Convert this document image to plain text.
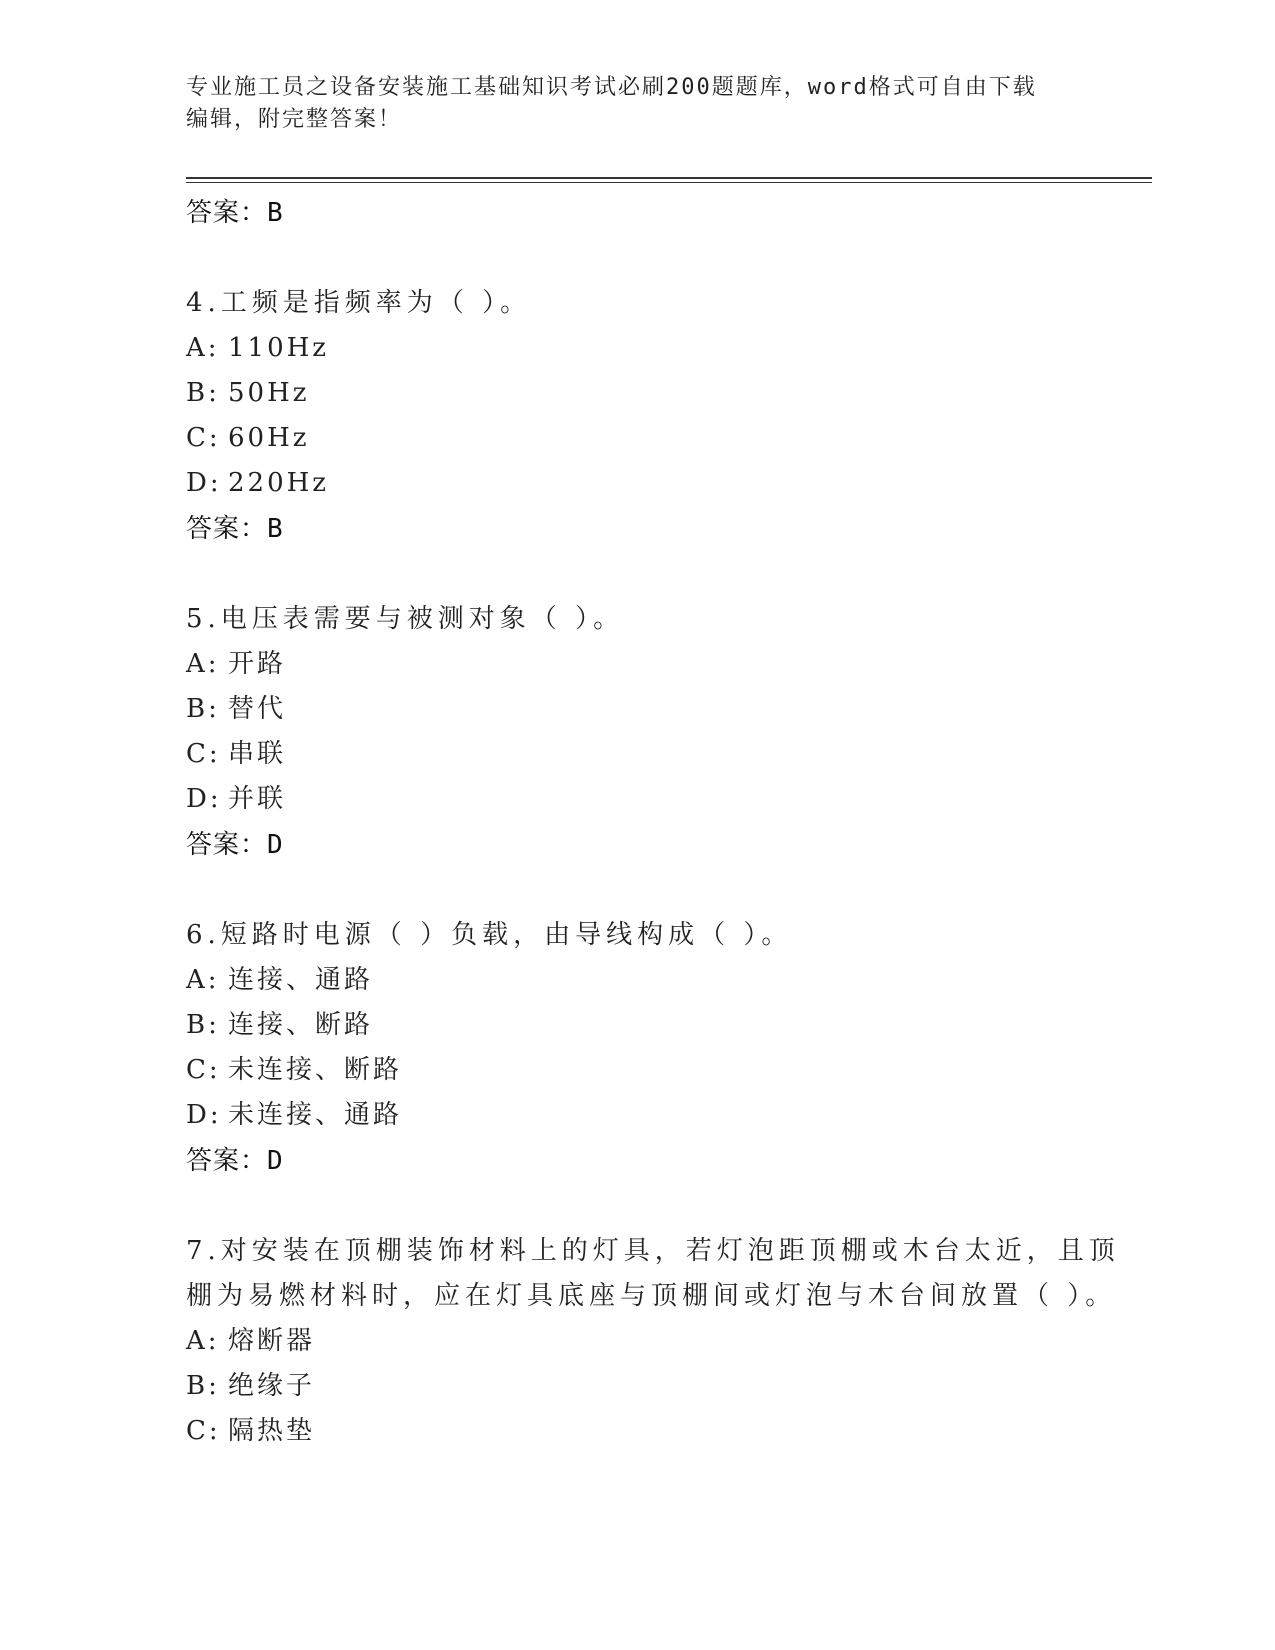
专业施工员之设备安装施工基础知识考试必刷200题题库，word格式可自由下载
编辑，附完整答案！
答案：B
4.工频是指频率为（ ）。
A: 110Hz
B: 50Hz
C: 60Hz
D: 220Hz
答案：B
5.电压表需要与被测对象（ ）。
A: 开路
B: 替代
C: 串联
D: 并联
答案：D
6.短路时电源（ ）负载，由导线构成（ ）。
A: 连接、通路
B: 连接、断路
C: 未连接、断路
D: 未连接、通路
答案：D
7.对安装在顶棚装饰材料上的灯具，若灯泡距顶棚或木台太近，且顶
棚为易燃材料时，应在灯具底座与顶棚间或灯泡与木台间放置（ ）。
A: 熔断器
B: 绝缘子
C: 隔热垫
